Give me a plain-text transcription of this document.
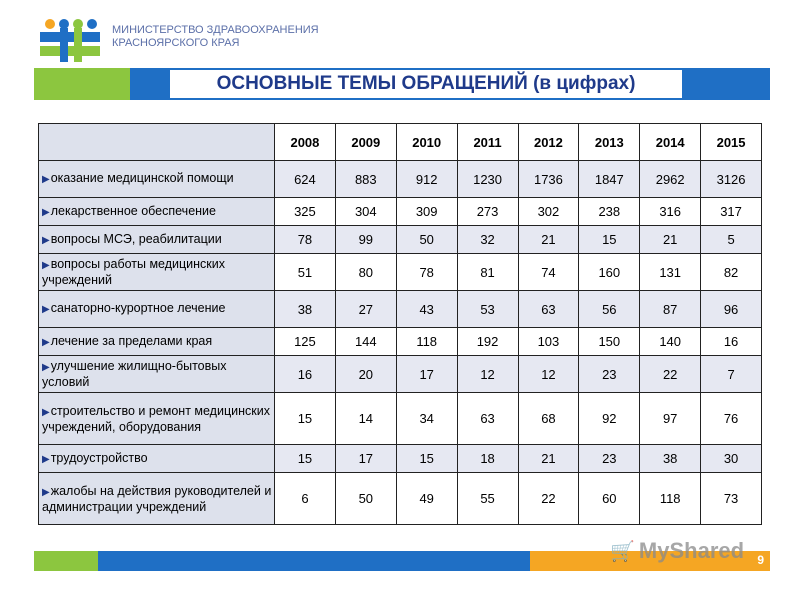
МИНИСТЕРСТВО ЗДРАВООХРАНЕНИЯ
КРАСНОЯРСКОГО КРАЯ
ОСНОВНЫЕ ТЕМЫ ОБРАЩЕНИЙ (в цифрах)
	2008	2009	2010	2011	2012	2013	2014	2015
▶оказание медицинской помощи	624	883	912	1230	1736	1847	2962	3126
▶лекарственное обеспечение	325	304	309	273	302	238	316	317
▶вопросы МСЭ, реабилитации	78	99	50	32	21	15	21	5
▶вопросы работы медицинских учреждений	51	80	78	81	74	160	131	82
▶санаторно-курортное лечение	38	27	43	53	63	56	87	96
▶лечение за пределами края	125	144	118	192	103	150	140	16
▶улучшение жилищно-бытовых условий	16	20	17	12	12	23	22	7
▶строительство и ремонт медицинских учреждений, оборудования	15	14	34	63	68	92	97	76
▶трудоустройство	15	17	15	18	21	23	38	30
▶жалобы на действия руководителей и администрации учреждений	6	50	49	55	22	60	118	73
9
🛒 MyShared
